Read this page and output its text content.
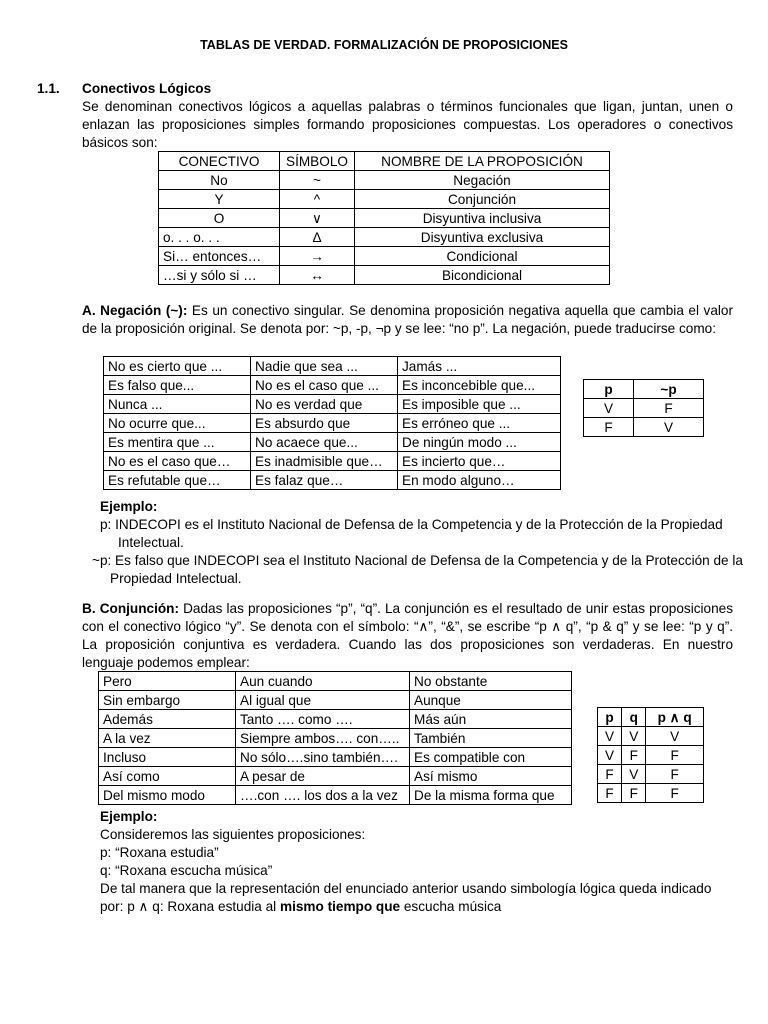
TABLAS DE VERDAD. FORMALIZACIÓN DE PROPOSICIONES
1.1. Conectivos Lógicos
Se denominan conectivos lógicos a aquellas palabras o términos funcionales que ligan, juntan, unen o enlazan las proposiciones simples formando proposiciones compuestas. Los operadores o conectivos básicos son:
CONECTIVO	SÍMBOLO	NOMBRE DE LA PROPOSICIÓN
No	~	Negación
Y	^	Conjunción
O	∨	Disyuntiva inclusiva
o. . . o. . .	Δ	Disyuntiva exclusiva
Si… entonces…	→	Condicional
…si y sólo si …	↔	Bicondicional
A. Negación (~): Es un conectivo singular. Se denomina proposición negativa aquella que cambia el valor de la proposición original. Se denota por: ~p, -p, ¬p y se lee: “no p”. La negación, puede traducirse como:
No es cierto que ...	Nadie que sea ...	Jamás ...
Es falso que...	No es el caso que ...	Es inconcebible que...
Nunca ...	No es verdad que	Es imposible que ...
No ocurre que...	Es absurdo que	Es erróneo que ...
Es mentira que ...	No acaece que...	De ningún modo ...
No es el caso que…	Es inadmisible que…	Es incierto que…
Es refutable que…	Es falaz que…	En modo alguno…
p	~p
V	F
F	V
Ejemplo:
p: INDECOPI es el Instituto Nacional de Defensa de la Competencia y de la Protección de la Propiedad Intelectual.
~p: Es falso que INDECOPI sea el Instituto Nacional de Defensa de la Competencia y de la Protección de la Propiedad Intelectual.
B. Conjunción: Dadas las proposiciones “p”, “q”. La conjunción es el resultado de unir estas proposiciones con el conectivo lógico “y”. Se denota con el símbolo: “∧”, “&”, se escribe “p ∧ q”, “p & q” y se lee: “p y q”. La proposición conjuntiva es verdadera. Cuando las dos proposiciones son verdaderas. En nuestro lenguaje podemos emplear:
Pero	Aun cuando	No obstante
Sin embargo	Al igual que	Aunque
Además	Tanto …. como ….	Más aún
A la vez	Siempre ambos…. con…..	También
Incluso	No sólo….sino también….	Es compatible con
Así como	A pesar de	Así mismo
Del mismo modo	….con …. los dos a la vez	De la misma forma que
p	q	p ∧ q
V	V	V
V	F	F
F	V	F
F	F	F
Ejemplo:
Consideremos las siguientes proposiciones:
p: “Roxana estudia”
q: “Roxana escucha música”
De tal manera que la representación del enunciado anterior usando simbología lógica queda indicado por: p ∧ q: Roxana estudia al mismo tiempo que escucha música
